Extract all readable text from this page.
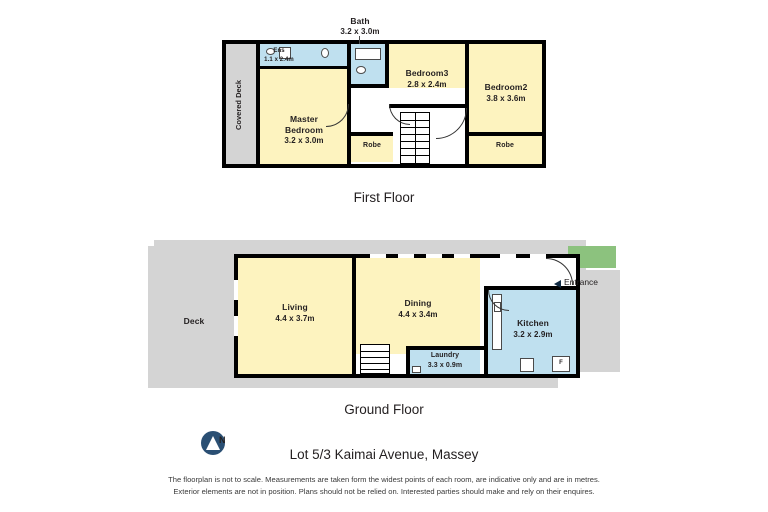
Master
Bedroom
3.2 x 3.0m
Bedroom3
2.8 x 2.4m	Bedroom2
3.8 x 3.6m
Ens
1.1 x 2.4m
Robe	Robe
Covered Deck
Bath
3.2 x 3.0m
First Floor
Deck
Living
4.4 x 3.7m
Dining
4.4 x 3.4m
Kitchen
3.2 x 2.9m
Laundry
3.3 x 0.9m	F
Entrance
Ground Floor
N
Lot 5/3 Kaimai Avenue, Massey
The floorplan is not to scale. Measurements are taken form the widest points of each room, are indicative only and are in metres.
Exterior elements are not in position. Plans should not be relied on. Interested parties should make and rely on their enquires.
